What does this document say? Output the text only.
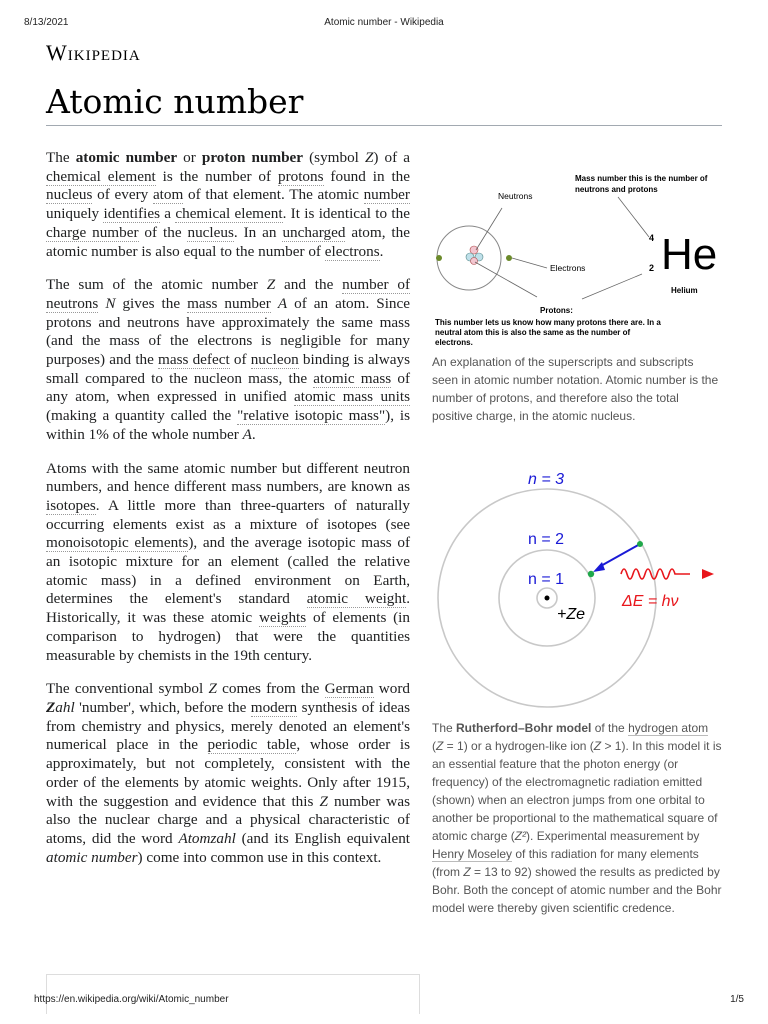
8/13/2021	Atomic number - Wikipedia
Wikipedia
Atomic number

The atomic number or proton number (symbol Z) of a chemical element is the number of protons found in the nucleus of every atom of that element. The atomic number uniquely identifies a chemical element. It is identical to the charge number of the nucleus. In an uncharged atom, the atomic number is also equal to the number of electrons.

The sum of the atomic number Z and the number of neutrons N gives the mass number A of an atom. Since protons and neutrons have approximately the same mass (and the mass of the electrons is negligible for many purposes) and the mass defect of nucleon binding is always small compared to the nucleon mass, the atomic mass of any atom, when expressed in unified atomic mass units (making a quantity called the "relative isotopic mass"), is within 1% of the whole number A.

Atoms with the same atomic number but different neutron numbers, and hence different mass numbers, are known as isotopes. A little more than three-quarters of naturally occurring elements exist as a mixture of isotopes (see monoisotopic elements), and the average isotopic mass of an isotopic mixture for an element (called the relative atomic mass) in a defined environment on Earth, determines the element's standard atomic weight. Historically, it was these atomic weights of elements (in comparison to hydrogen) that were the quantities measurable by chemists in the 19th century.

The conventional symbol Z comes from the German word Zahl 'number', which, before the modern synthesis of ideas from chemistry and physics, merely denoted an element's numerical place in the periodic table, whose order is approximately, but not completely, consistent with the order of the elements by atomic weights. Only after 1915, with the suggestion and evidence that this Z number was also the nuclear charge and a physical characteristic of atoms, did the word Atomzahl (and its English equivalent atomic number) come into common use in this context.

Mass number this is the number of
neutrons and protons
Neutrons
Electrons
4
2 He
Helium
Protons:
This number lets us know how many protons there are. In a
neutral atom this is also the same as the number of
electrons.
An explanation of the superscripts and subscripts seen in atomic number notation. Atomic number is the number of protons, and therefore also the total positive charge, in the atomic nucleus.
n = 3
n = 2
n = 1
+Ze
ΔE = hν
The Rutherford–Bohr model of the hydrogen atom (Z = 1) or a hydrogen-like ion (Z > 1). In this model it is an essential feature that the photon energy (or frequency) of the electromagnetic radiation emitted (shown) when an electron jumps from one orbital to another be proportional to the mathematical square of atomic charge (Z²). Experimental measurement by Henry Moseley of this radiation for many elements (from Z = 13 to 92) showed the results as predicted by Bohr. Both the concept of atomic number and the Bohr model were thereby given scientific credence.
https://en.wikipedia.org/wiki/Atomic_number	1/5
